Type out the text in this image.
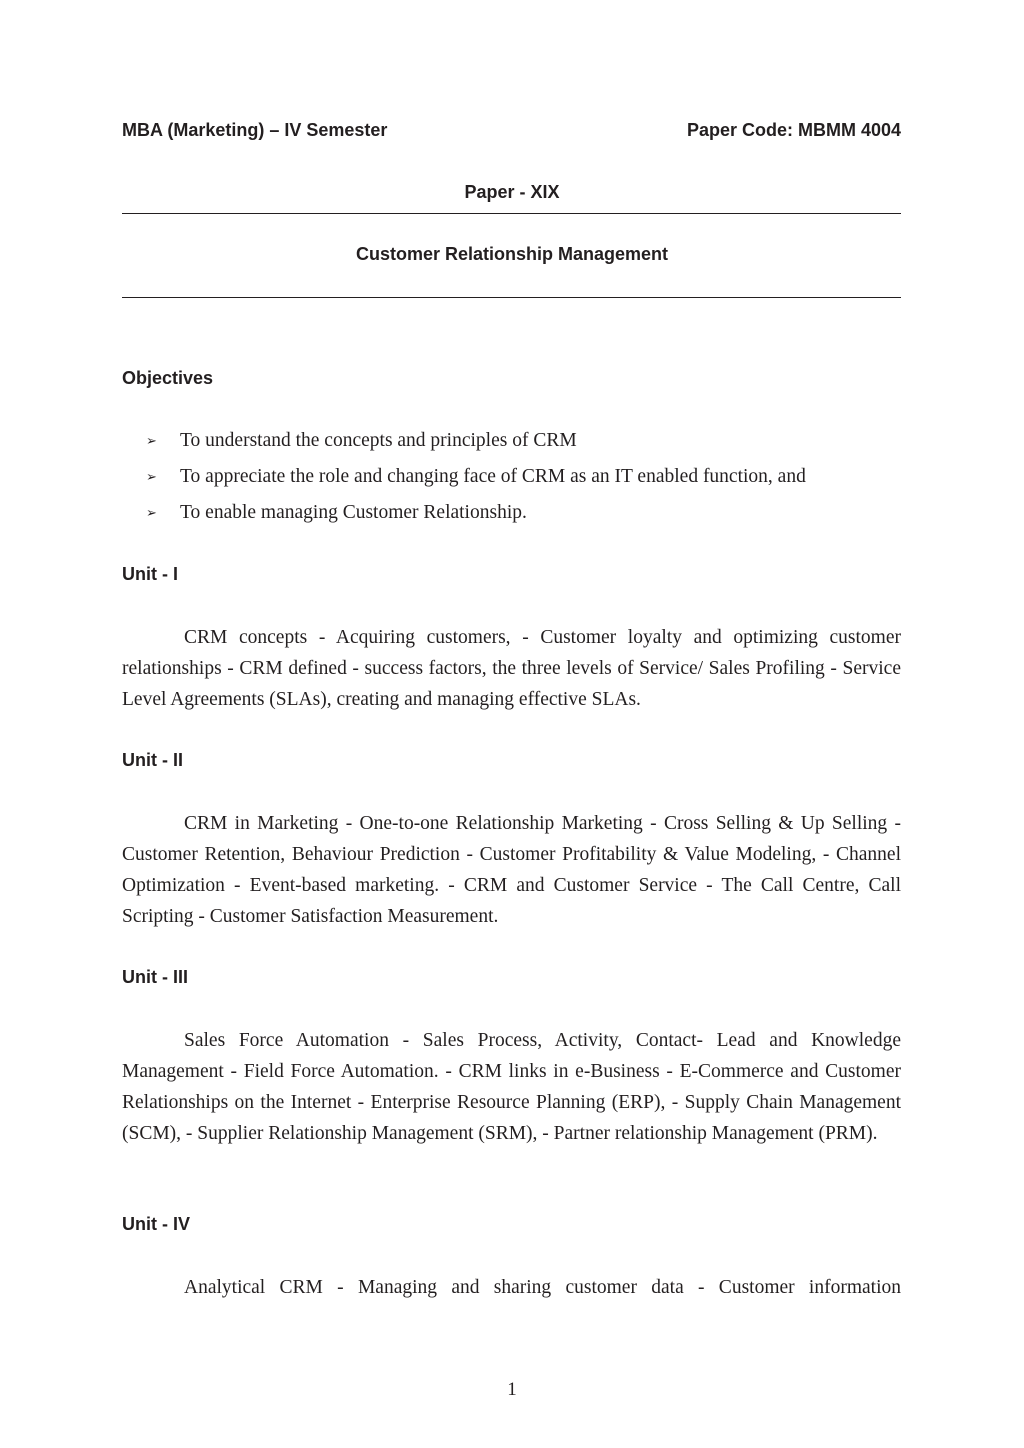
MBA (Marketing) – IV Semester	Paper Code: MBMM 4004
Paper - XIX
Customer Relationship Management
Objectives
➢ To understand the concepts and principles of CRM
➢ To appreciate the role and changing face of CRM as an IT enabled function, and
➢ To enable managing Customer Relationship.
Unit - I

CRM concepts - Acquiring customers, - Customer loyalty and optimizing customer relationships - CRM defined - success factors, the three levels of Service/ Sales Profiling - Service Level Agreements (SLAs), creating and managing effective SLAs.

Unit - II

CRM in Marketing - One-to-one Relationship Marketing - Cross Selling & Up Selling - Customer Retention, Behaviour Prediction - Customer Profitability & Value Modeling, - Channel Optimization - Event-based marketing. - CRM and Customer Service - The Call Centre, Call Scripting - Customer Satisfaction Measurement.

Unit - III

Sales Force Automation - Sales Process, Activity, Contact- Lead and Knowledge Management - Field Force Automation. - CRM links in e-Business - E-Commerce and Customer Relationships on the Internet - Enterprise Resource Planning (ERP), - Supply Chain Management (SCM), - Supplier Relationship Management (SRM), - Partner relationship Management (PRM).

Unit - IV

Analytical CRM - Managing and sharing customer data - Customer information

1
